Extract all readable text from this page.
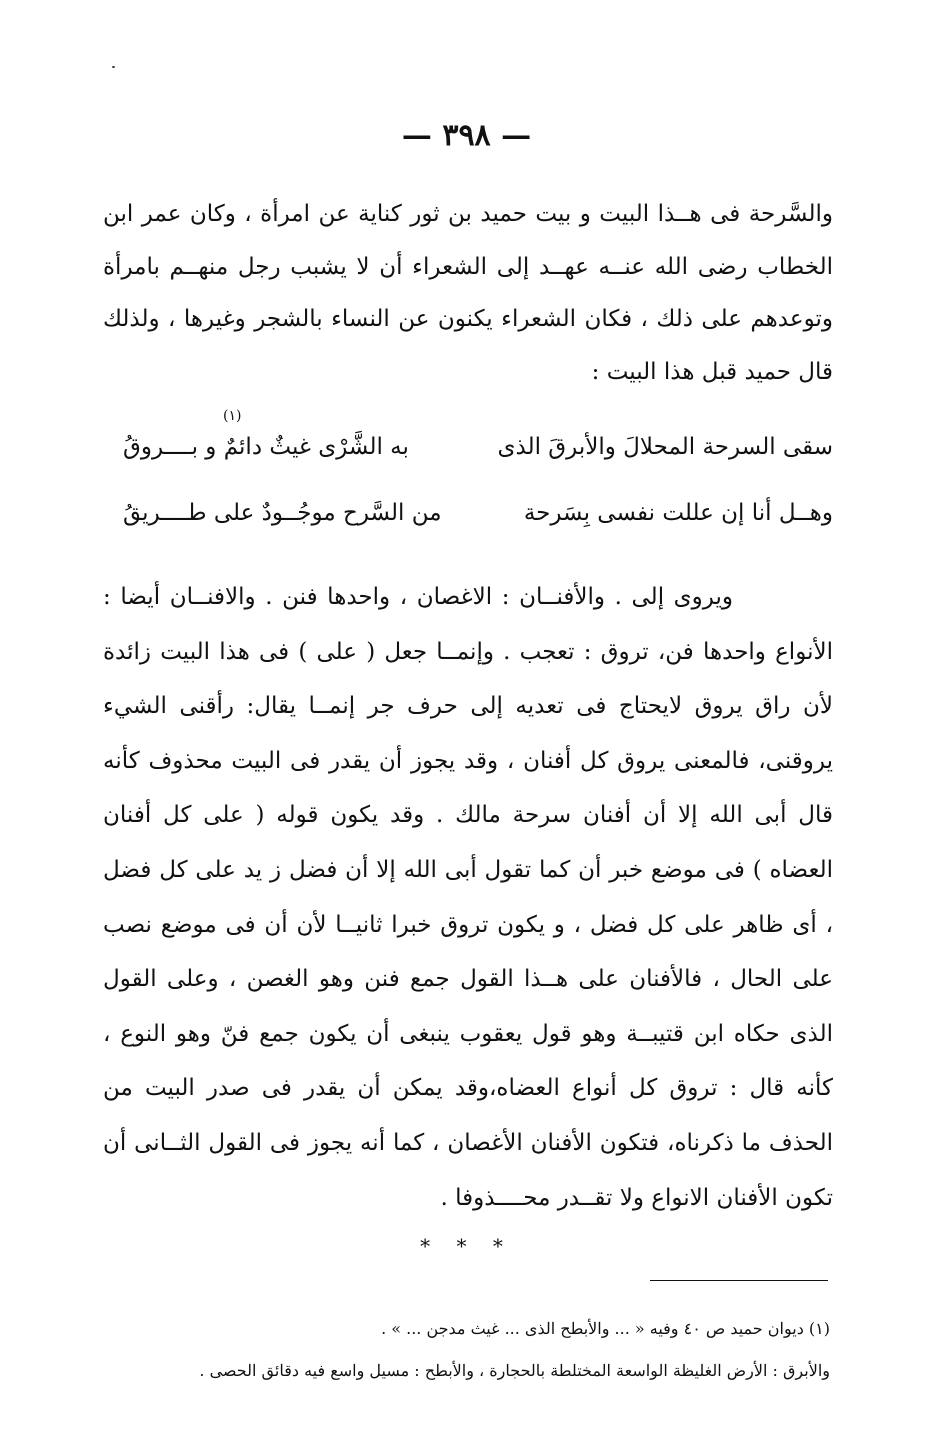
— ٣٩٨ —

والسَّرحة فى هــذا البيت و بيت حميد بن ثور كناية عن امرأة ، وكان عمر ابن الخطاب رضى الله عنــه عهــد إلى الشعراء أن لا يشبب رجل منهــم بامرأة وتوعدهم على ذلك ، فكان الشعراء يكنون عن النساء بالشجر وغيرها ، ولذلك قال حميد قبل هذا البيت :

(١)
سقى السرحة المحلالَ والأبرقَ الذى
به الشَّرْى غيثٌ دائمٌ و بــــروقُ
وهــل أنا إن عللت نفسى بِسَرحة
من السَّرح موجُــودٌ على طــــريقُ

ويروى إلى . والأفنــان : الاغصان ، واحدها فنن . والافنــان أيضا : الأنواع واحدها فن، تروق : تعجب . وإنمــا جعل ( على ) فى هذا البيت زائدة لأن راق يروق لايحتاج فى تعديه إلى حرف جر إنمــا يقال: رأقنى الشيء يروقنى، فالمعنى يروق كل أفنان ، وقد يجوز أن يقدر فى البيت محذوف كأنه قال أبى الله إلا أن أفنان سرحة مالك . وقد يكون قوله ( على كل أفنان العضاه ) فى موضع خبر أن كما تقول أبى الله إلا أن فضل ز يد على كل فضل ، أى ظاهر على كل فضل ، و يكون تروق خبرا ثانيــا لأن أن فى موضع نصب على الحال ، فالأفنان على هــذا القول جمع فنن وهو الغصن ، وعلى القول الذى حكاه ابن قتيبــة وهو قول يعقوب ينبغى أن يكون جمع فنّ وهو النوع ، كأنه قال : تروق كل أنواع العضاه،وقد يمكن أن يقدر فى صدر البيت من الحذف ما ذكرناه، فتكون الأفنان الأغصان ، كما أنه يجوز فى القول الثــانى أن تكون الأفنان الانواع ولا تقــدر محــــذوفا .

* * *

(١) ديوان حميد ص ٤٠ وفيه « ... والأبطح الذى ... غيث مدجن ... » .

والأبرق : الأرض الغليظة الواسعة المختلطة بالحجارة ، والأبطح : مسيل واسع فيه دقائق الحصى .
